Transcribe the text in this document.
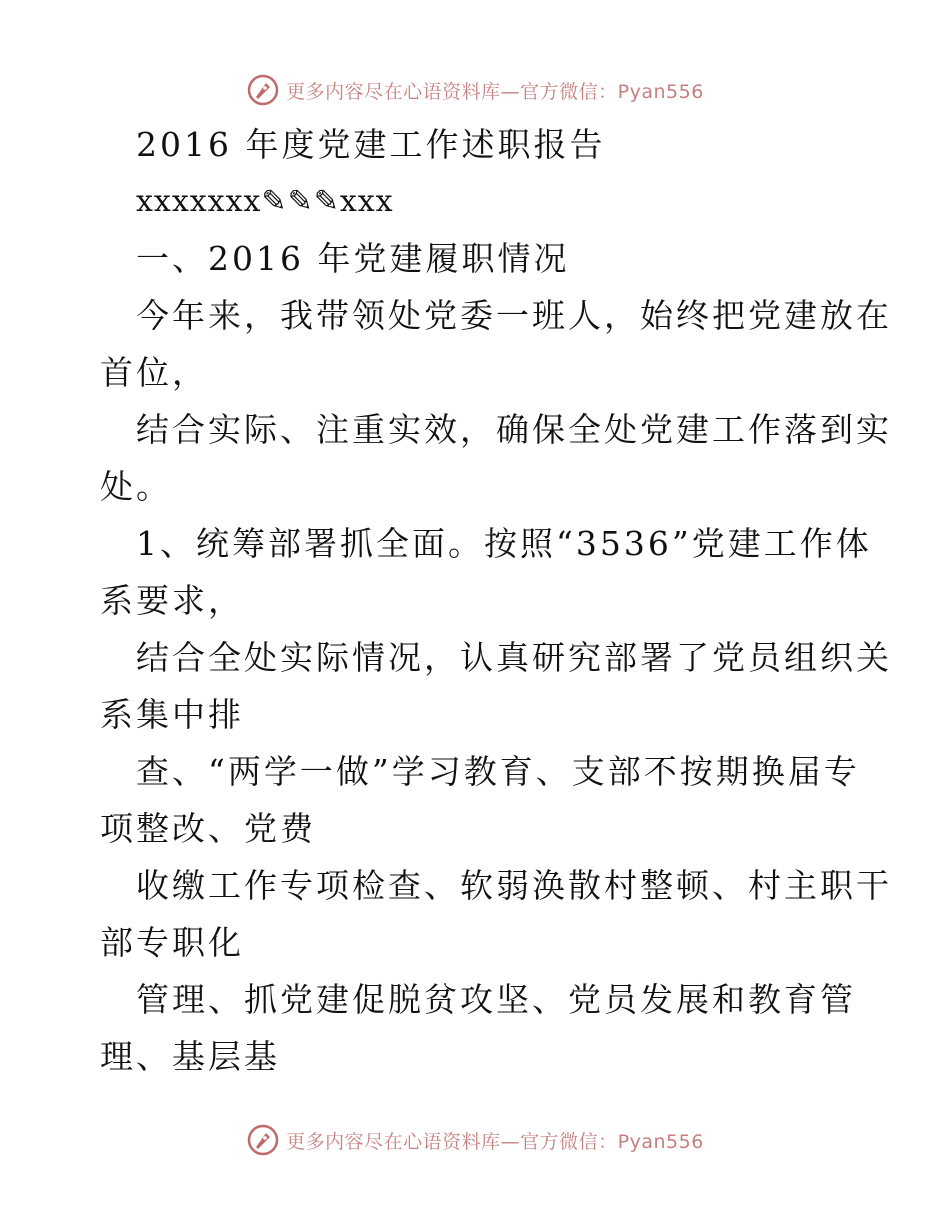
更多内容尽在心语资料库—官方微信：Pyan556
2016 年度党建工作述职报告
xxxxxxx✎✎✎xxx
一、2016 年党建履职情况
今年来，我带领处党委一班人，始终把党建放在
首位，
结合实际、注重实效，确保全处党建工作落到实
处。
1、统筹部署抓全面。按照“3536”党建工作体
系要求，
结合全处实际情况，认真研究部署了党员组织关
系集中排
查、“两学一做”学习教育、支部不按期换届专
项整改、党费
收缴工作专项检查、软弱涣散村整顿、村主职干
部专职化
管理、抓党建促脱贫攻坚、党员发展和教育管
理、基层基
更多内容尽在心语资料库—官方微信：Pyan556
